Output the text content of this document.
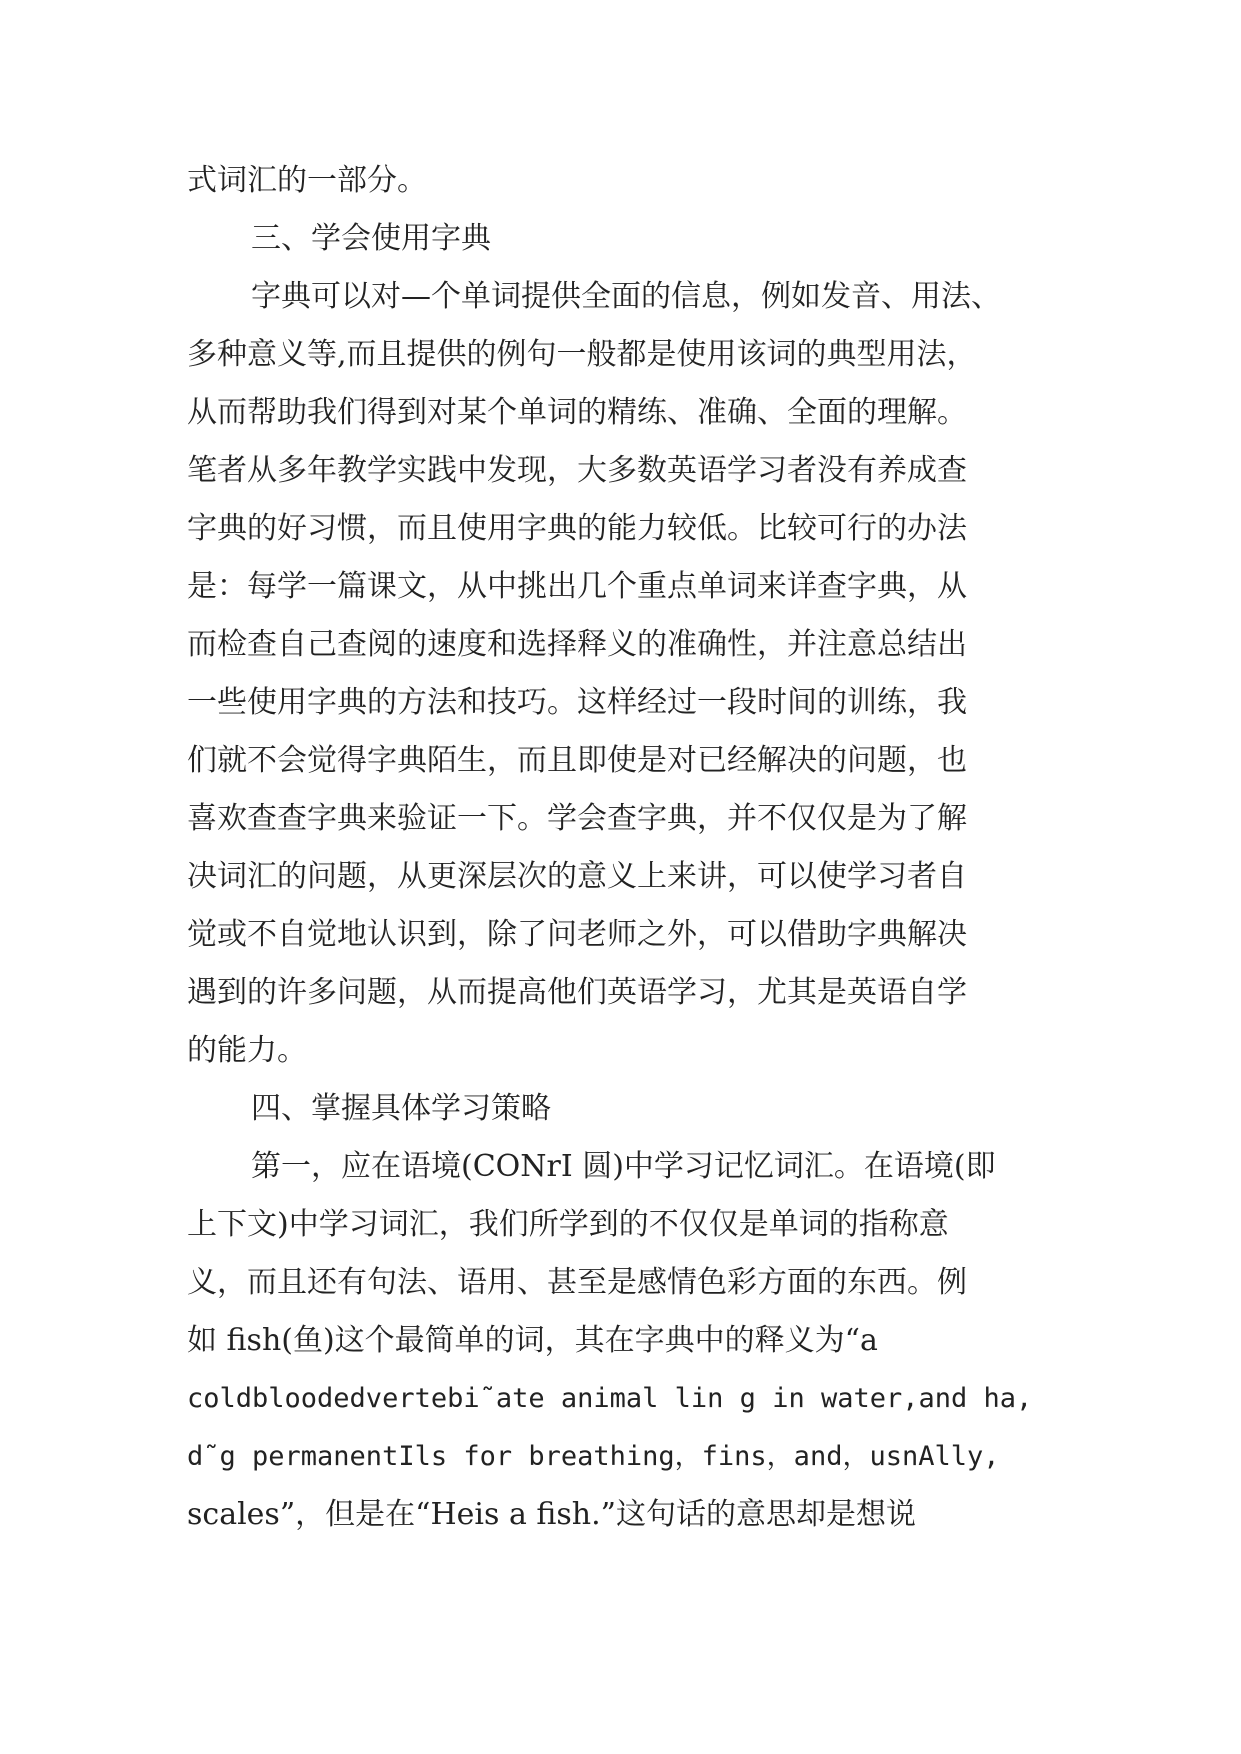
式词汇的一部分。
三、学会使用字典
字典可以对—个单词提供全面的信息，例如发音、用法、
多种意义等,而且提供的例句一般都是使用该词的典型用法，
从而帮助我们得到对某个单词的精练、准确、全面的理解。
笔者从多年教学实践中发现，大多数英语学习者没有养成查
字典的好习惯，而且使用字典的能力较低。比较可行的办法
是：每学一篇课文，从中挑出几个重点单词来详查字典，从
而检查自己查阅的速度和选择释义的准确性，并注意总结出
一些使用字典的方法和技巧。这样经过一段时间的训练，我
们就不会觉得字典陌生，而且即使是对已经解决的问题，也
喜欢查查字典来验证一下。学会查字典，并不仅仅是为了解
决词汇的问题，从更深层次的意义上来讲，可以使学习者自
觉或不自觉地认识到，除了问老师之外，可以借助字典解决
遇到的许多问题，从而提高他们英语学习，尤其是英语自学
的能力。
四、掌握具体学习策略
第一，应在语境(CONrI 圆)中学习记忆词汇。在语境(即
上下文)中学习词汇，我们所学到的不仅仅是单词的指称意
义，而且还有句法、语用、甚至是感情色彩方面的东西。例
如 fish(鱼)这个最简单的词，其在字典中的释义为“a
coldbloodedvertebi˜ate animal lin g in water,and ha,
d˜g permanentIls for breathing，fins，and，usnAlly,
scales”，但是在“Heis a fish.”这句话的意思却是想说
